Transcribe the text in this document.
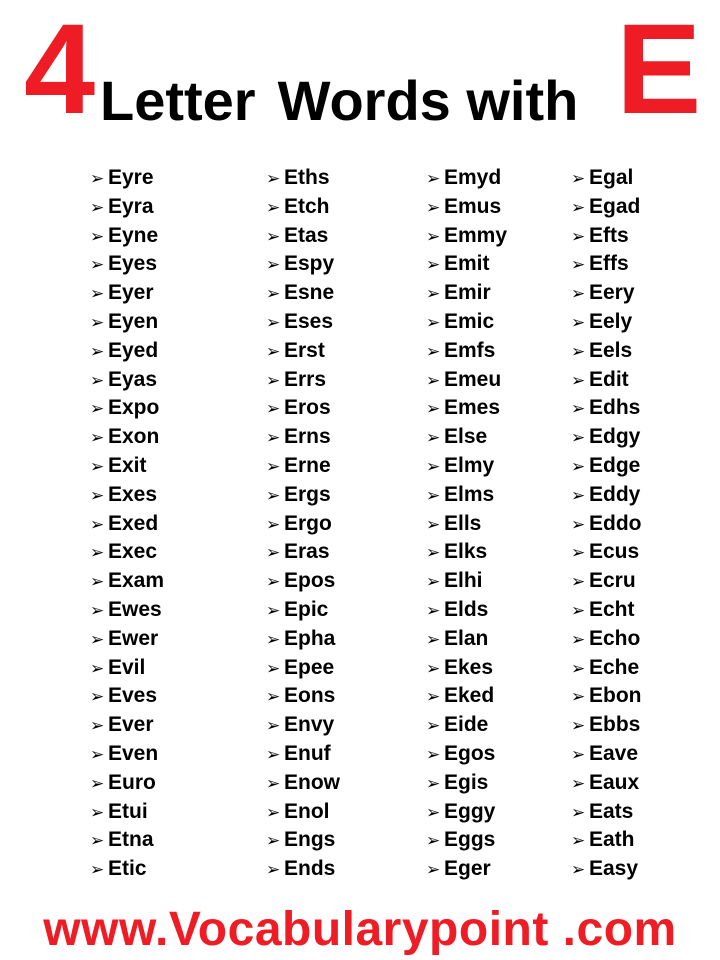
4 Letter Words with E
➢ Eyre
➢ Eyra
➢ Eyne
➢ Eyes
➢ Eyer
➢ Eyen
➢ Eyed
➢ Eyas
➢ Expo
➢ Exon
➢ Exit
➢ Exes
➢ Exed
➢ Exec
➢ Exam
➢ Ewes
➢ Ewer
➢ Evil
➢ Eves
➢ Ever
➢ Even
➢ Euro
➢ Etui
➢ Etna
➢ Etic
➢ Eths
➢ Etch
➢ Etas
➢ Espy
➢ Esne
➢ Eses
➢ Erst
➢ Errs
➢ Eros
➢ Erns
➢ Erne
➢ Ergs
➢ Ergo
➢ Eras
➢ Epos
➢ Epic
➢ Epha
➢ Epee
➢ Eons
➢ Envy
➢ Enuf
➢ Enow
➢ Enol
➢ Engs
➢ Ends
➢ Emyd
➢ Emus
➢ Emmy
➢ Emit
➢ Emir
➢ Emic
➢ Emfs
➢ Emeu
➢ Emes
➢ Else
➢ Elmy
➢ Elms
➢ Ells
➢ Elks
➢ Elhi
➢ Elds
➢ Elan
➢ Ekes
➢ Eked
➢ Eide
➢ Egos
➢ Egis
➢ Eggy
➢ Eggs
➢ Eger
➢ Egal
➢ Egad
➢ Efts
➢ Effs
➢ Eery
➢ Eely
➢ Eels
➢ Edit
➢ Edhs
➢ Edgy
➢ Edge
➢ Eddy
➢ Eddo
➢ Ecus
➢ Ecru
➢ Echt
➢ Echo
➢ Eche
➢ Ebon
➢ Ebbs
➢ Eave
➢ Eaux
➢ Eats
➢ Eath
➢ Easy
www.Vocabularypoint .com
